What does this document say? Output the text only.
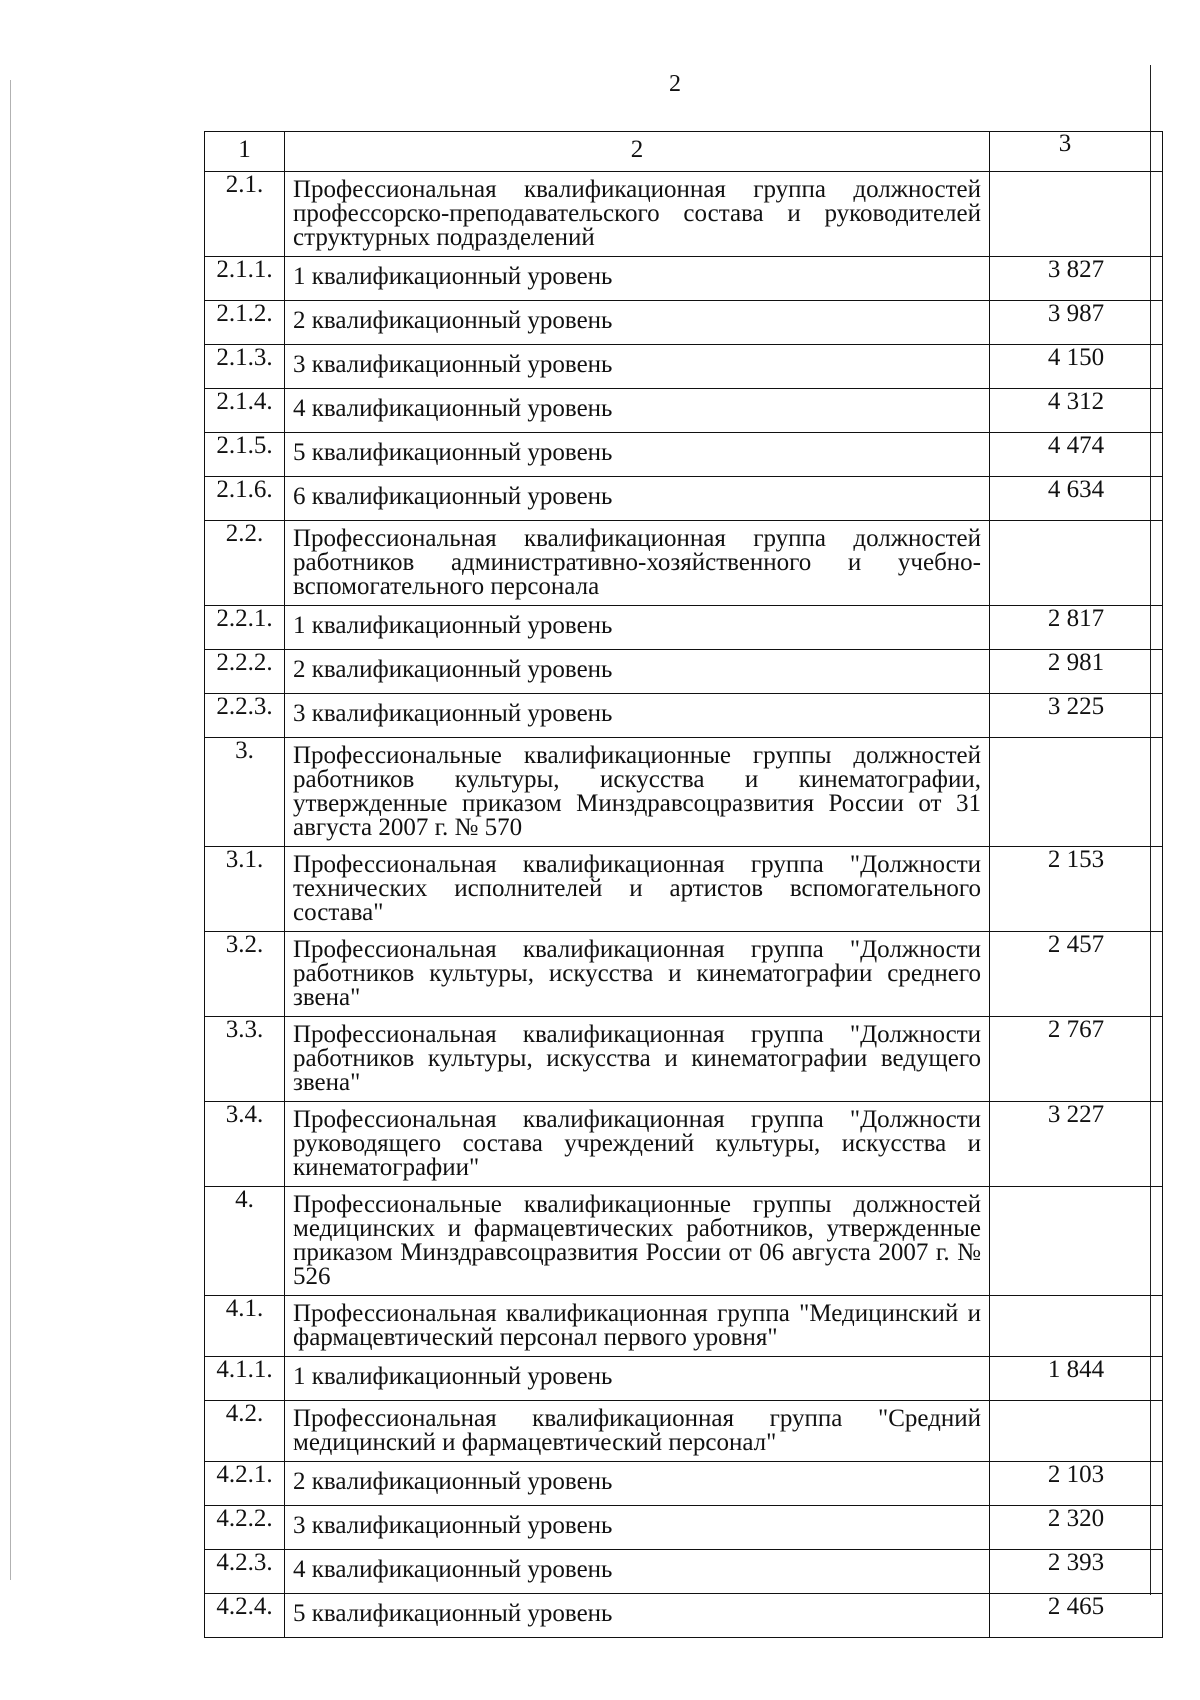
2
1	2	3
2.1.	Профессиональная квалификационная группа должностей профессорско-преподавательского состава и руководителей структурных подразделений	
2.1.1.	1 квалификационный уровень	3 827
2.1.2.	2 квалификационный уровень	3 987
2.1.3.	3 квалификационный уровень	4 150
2.1.4.	4 квалификационный уровень	4 312
2.1.5.	5 квалификационный уровень	4 474
2.1.6.	6 квалификационный уровень	4 634
2.2.	Профессиональная квалификационная группа должностей работников административно-хозяйственного и учебно-вспомогательного персонала	
2.2.1.	1 квалификационный уровень	2 817
2.2.2.	2 квалификационный уровень	2 981
2.2.3.	3 квалификационный уровень	3 225
3.	Профессиональные квалификационные группы должностей работников культуры, искусства и кинематографии, утвержденные приказом Минздравсоцразвития России от 31 августа 2007 г. № 570	
3.1.	Профессиональная квалификационная группа "Должности технических исполнителей и артистов вспомогательного состава"	2 153
3.2.	Профессиональная квалификационная группа "Должности работников культуры, искусства и кинематографии среднего звена"	2 457
3.3.	Профессиональная квалификационная группа "Должности работников культуры, искусства и кинематографии ведущего звена"	2 767
3.4.	Профессиональная квалификационная группа "Должности руководящего состава учреждений культуры, искусства и кинематографии"	3 227
4.	Профессиональные квалификационные группы должностей медицинских и фармацевтических работников, утвержденные приказом Минздравсоцразвития России от 06 августа 2007 г. № 526	
4.1.	Профессиональная квалификационная группа "Медицинский и фармацевтический персонал первого уровня"	
4.1.1.	1 квалификационный уровень	1 844
4.2.	Профессиональная квалификационная группа "Средний медицинский и фармацевтический персонал"	
4.2.1.	2 квалификационный уровень	2 103
4.2.2.	3 квалификационный уровень	2 320
4.2.3.	4 квалификационный уровень	2 393
4.2.4.	5 квалификационный уровень	2 465
